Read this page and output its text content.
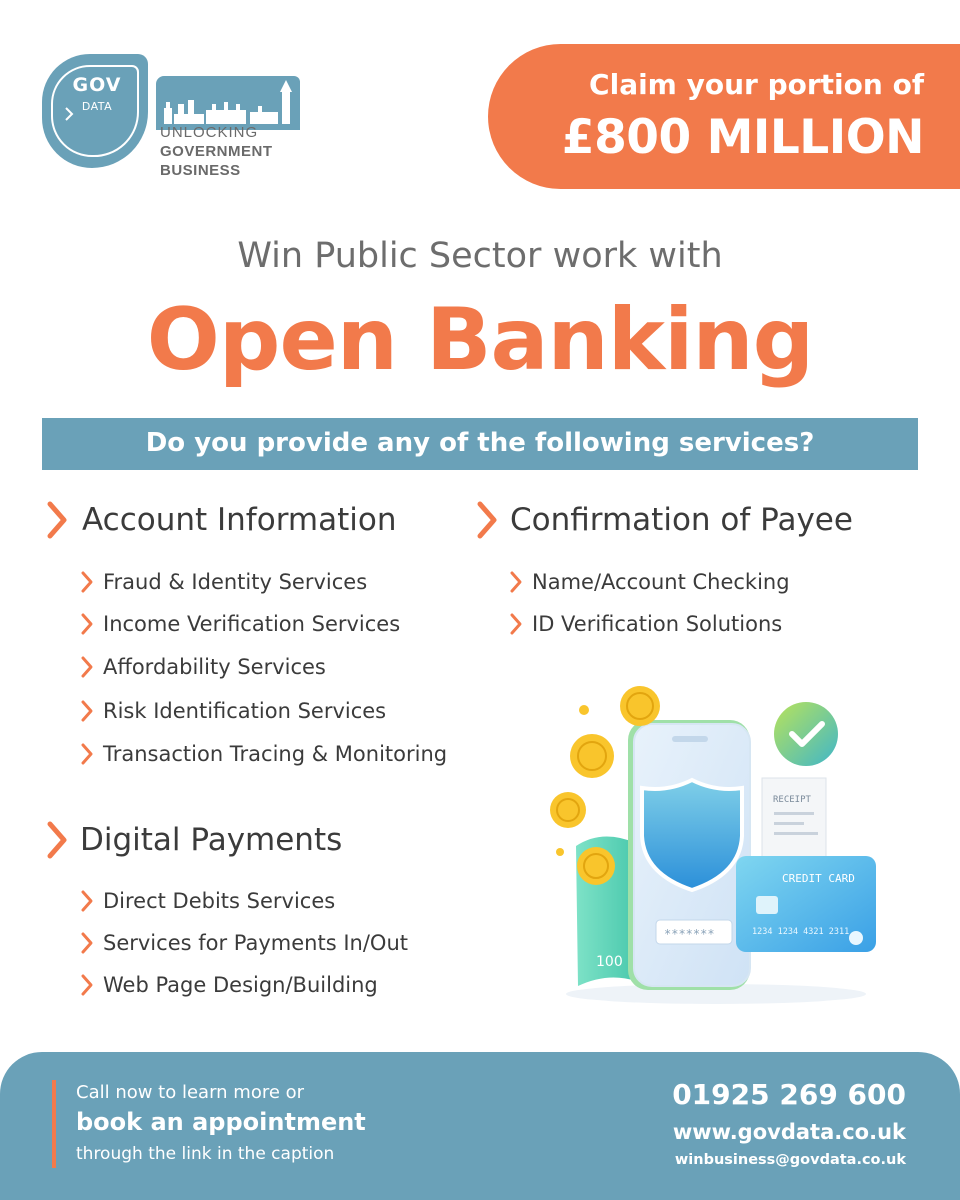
GOV
DATA
UNLOCKING
GOVERNMENT
BUSINESS
Claim your portion of
£800 MILLION
Win Public Sector work with
Open Banking
Do you provide any of the following services?
Account Information
Fraud & Identity Services
Income Verification Services
Affordability Services
Risk Identification Services
Transaction Tracing & Monitoring
Confirmation of Payee
Name/Account Checking
ID Verification Solutions
Digital Payments
Direct Debits Services
Services for Payments In/Out
Web Page Design/Building
100
*******
RECEIPT
CREDIT CARD
1234 1234 4321 2311
Call now to learn more or
book an appointment
through the link in the caption
01925 269 600
www.govdata.co.uk
winbusiness@govdata.co.uk
